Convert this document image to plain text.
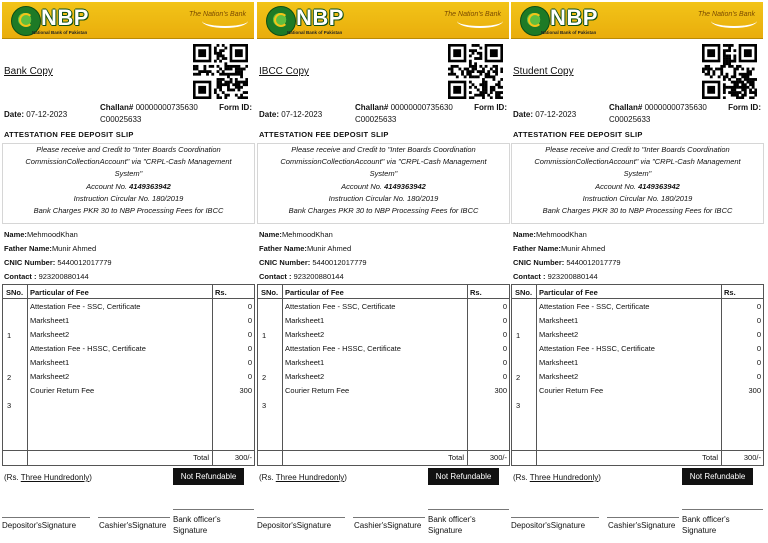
NBP
National Bank of Pakistan
The Nation's Bank
Bank Copy
Date: 07-12-2023
Challan# 00000000735630	Form ID:

C00025633
ATTESTATION FEE DEPOSIT SLIP
Please receive and Credit to "Inter Boards Coordination
CommissionCollectionAccount" via "CRPL-Cash Management
System"
Account No. 4149363942
Instruction Circular No. 180/2019
Bank Charges PKR 30 to NBP Processing Fees for IBCC
Name:MehmoodKhan
Father Name:Munir Ahmed
CNIC Number: 5440012017779
Contact : 923200880144
SNo. Particular of Fee	Rs.
Attestation Fee - SSC, Certificate	0
1
Marksheet1	0
Marksheet2	0
Attestation Fee - HSSC, Certificate	0
2
Marksheet1	0
Marksheet2	0
3
Courier Return Fee	300
Total	300/-
(Rs. Three Hundredonly)	Not Refundable
Depositor'sSignature	Cashier'sSignature
Bank officer's
Signature
NBP
National Bank of Pakistan
The Nation's Bank
IBCC Copy
Date: 07-12-2023
Challan# 00000000735630	Form ID:

C00025633
ATTESTATION FEE DEPOSIT SLIP
Please receive and Credit to "Inter Boards Coordination
CommissionCollectionAccount" via "CRPL-Cash Management
System"
Account No. 4149363942
Instruction Circular No. 180/2019
Bank Charges PKR 30 to NBP Processing Fees for IBCC
Name:MehmoodKhan
Father Name:Munir Ahmed
CNIC Number: 5440012017779
Contact : 923200880144
SNo. Particular of Fee	Rs.
Attestation Fee - SSC, Certificate	0
1
Marksheet1	0
Marksheet2	0
Attestation Fee - HSSC, Certificate	0
2
Marksheet1	0
Marksheet2	0
3
Courier Return Fee	300
Total	300/-
(Rs. Three Hundredonly)	Not Refundable
Depositor'sSignature	Cashier'sSignature
Bank officer's
Signature
NBP
National Bank of Pakistan
The Nation's Bank
Student Copy
Date: 07-12-2023
Challan# 00000000735630	Form ID:

C00025633
ATTESTATION FEE DEPOSIT SLIP
Please receive and Credit to "Inter Boards Coordination
CommissionCollectionAccount" via "CRPL-Cash Management
System"
Account No. 4149363942
Instruction Circular No. 180/2019
Bank Charges PKR 30 to NBP Processing Fees for IBCC
Name:MehmoodKhan
Father Name:Munir Ahmed
CNIC Number: 5440012017779
Contact : 923200880144
SNo. Particular of Fee	Rs.
Attestation Fee - SSC, Certificate	0
1
Marksheet1	0
Marksheet2	0
Attestation Fee - HSSC, Certificate	0
2
Marksheet1	0
Marksheet2	0
3
Courier Return Fee	300
Total	300/-
(Rs. Three Hundredonly)	Not Refundable
Depositor'sSignature	Cashier'sSignature
Bank officer's
Signature
